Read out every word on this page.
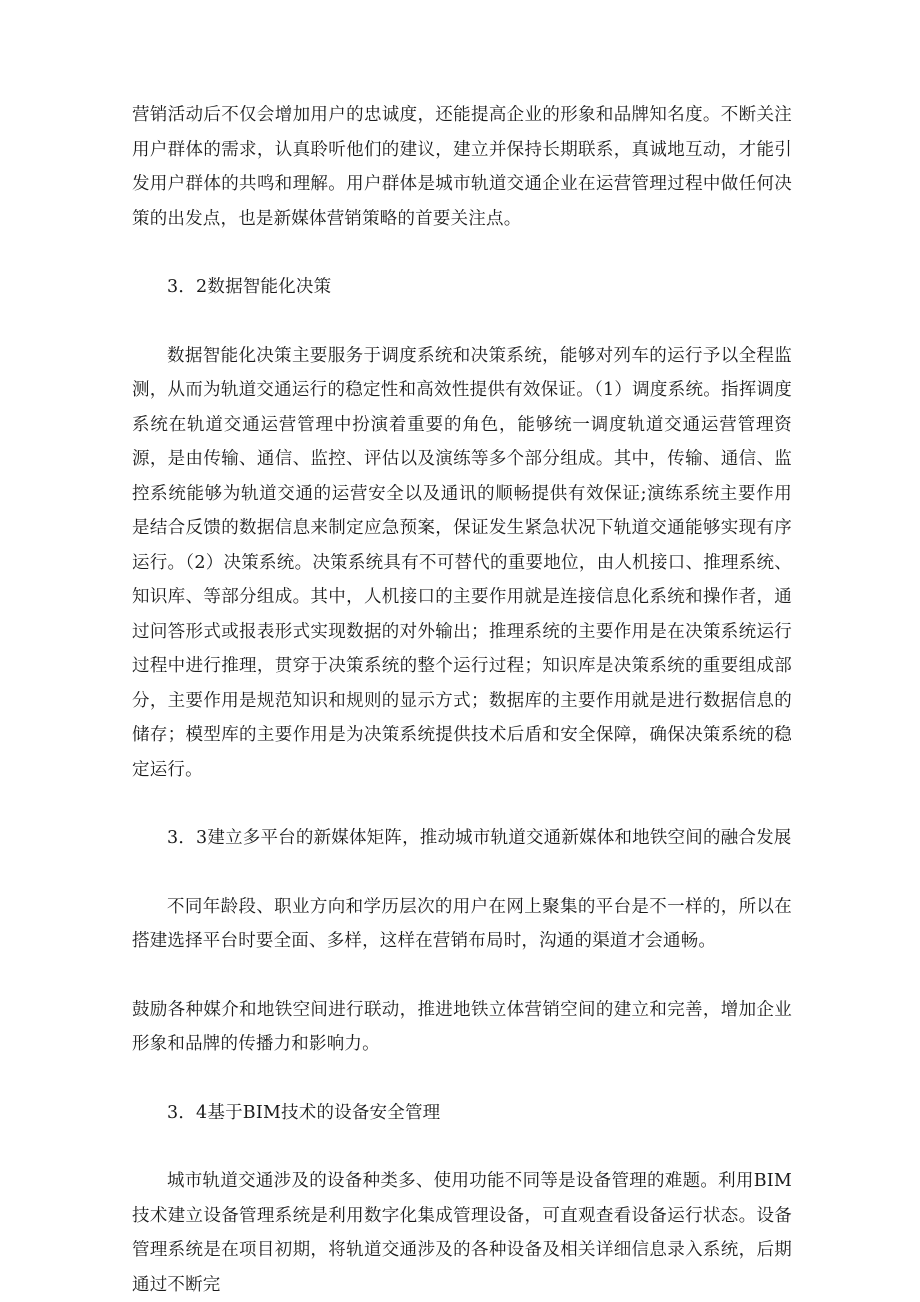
营销活动后不仅会增加用户的忠诚度，还能提高企业的形象和品牌知名度。不断关注用户群体的需求，认真聆听他们的建议，建立并保持长期联系，真诚地互动，才能引发用户群体的共鸣和理解。用户群体是城市轨道交通企业在运营管理过程中做任何决策的出发点，也是新媒体营销策略的首要关注点。

3．2数据智能化决策

数据智能化决策主要服务于调度系统和决策系统，能够对列车的运行予以全程监测，从而为轨道交通运行的稳定性和高效性提供有效保证。（1）调度系统。指挥调度系统在轨道交通运营管理中扮演着重要的角色，能够统一调度轨道交通运营管理资源，是由传输、通信、监控、评估以及演练等多个部分组成。其中，传输、通信、监控系统能够为轨道交通的运营安全以及通讯的顺畅提供有效保证;演练系统主要作用是结合反馈的数据信息来制定应急预案，保证发生紧急状况下轨道交通能够实现有序运行。（2）决策系统。决策系统具有不可替代的重要地位，由人机接口、推理系统、知识库、等部分组成。其中，人机接口的主要作用就是连接信息化系统和操作者，通过问答形式或报表形式实现数据的对外输出；推理系统的主要作用是在决策系统运行过程中进行推理，贯穿于决策系统的整个运行过程；知识库是决策系统的重要组成部分，主要作用是规范知识和规则的显示方式；数据库的主要作用就是进行数据信息的储存；模型库的主要作用是为决策系统提供技术后盾和安全保障，确保决策系统的稳定运行。

3．3建立多平台的新媒体矩阵，推动城市轨道交通新媒体和地铁空间的融合发展

不同年龄段、职业方向和学历层次的用户在网上聚集的平台是不一样的，所以在搭建选择平台时要全面、多样，这样在营销布局时，沟通的渠道才会通畅。

鼓励各种媒介和地铁空间进行联动，推进地铁立体营销空间的建立和完善，增加企业形象和品牌的传播力和影响力。

3．4基于BIM技术的设备安全管理

城市轨道交通涉及的设备种类多、使用功能不同等是设备管理的难题。利用BIM技术建立设备管理系统是利用数字化集成管理设备，可直观查看设备运行状态。设备管理系统是在项目初期，将轨道交通涉及的各种设备及相关详细信息录入系统，后期通过不断完
